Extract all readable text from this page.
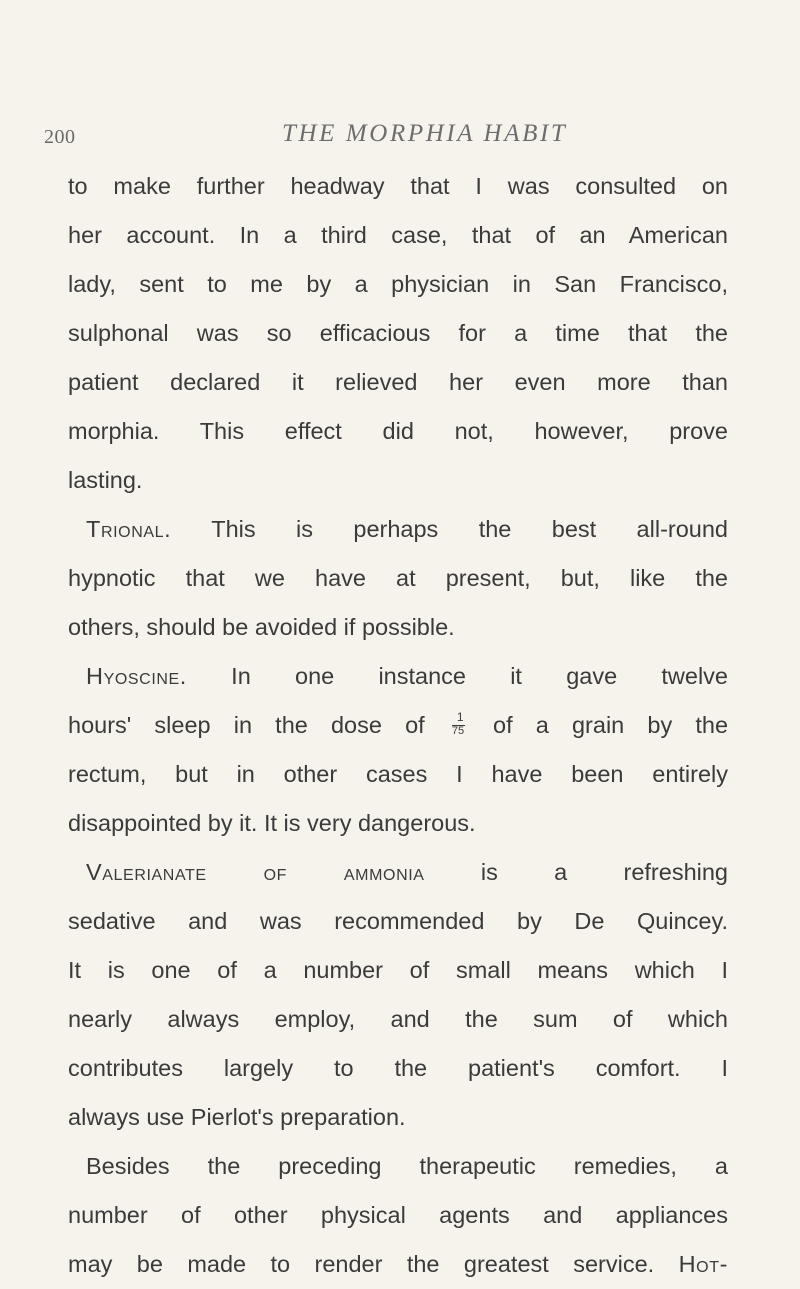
200	THE MORPHIA HABIT
to make further headway that I was consulted on
her account. In a third case, that of an American
lady, sent to me by a physician in San Francisco,
sulphonal was so efficacious for a time that the
patient declared it relieved her even more than
morphia. This effect did not, however, prove
lasting.
Trional. This is perhaps the best all-round
hypnotic that we have at present, but, like the
others, should be avoided if possible.
Hyoscine. In one instance it gave twelve
hours' sleep in the dose of $\frac{1}{75}$ of a grain by the
rectum, but in other cases I have been entirely
disappointed by it. It is very dangerous.
Valerianate of ammonia is a refreshing
sedative and was recommended by De Quincey.
It is one of a number of small means which I
nearly always employ, and the sum of which
contributes largely to the patient's comfort. I
always use Pierlot's preparation.
Besides the preceding therapeutic remedies, a
number of other physical agents and appliances
may be made to render the greatest service. Hot-
